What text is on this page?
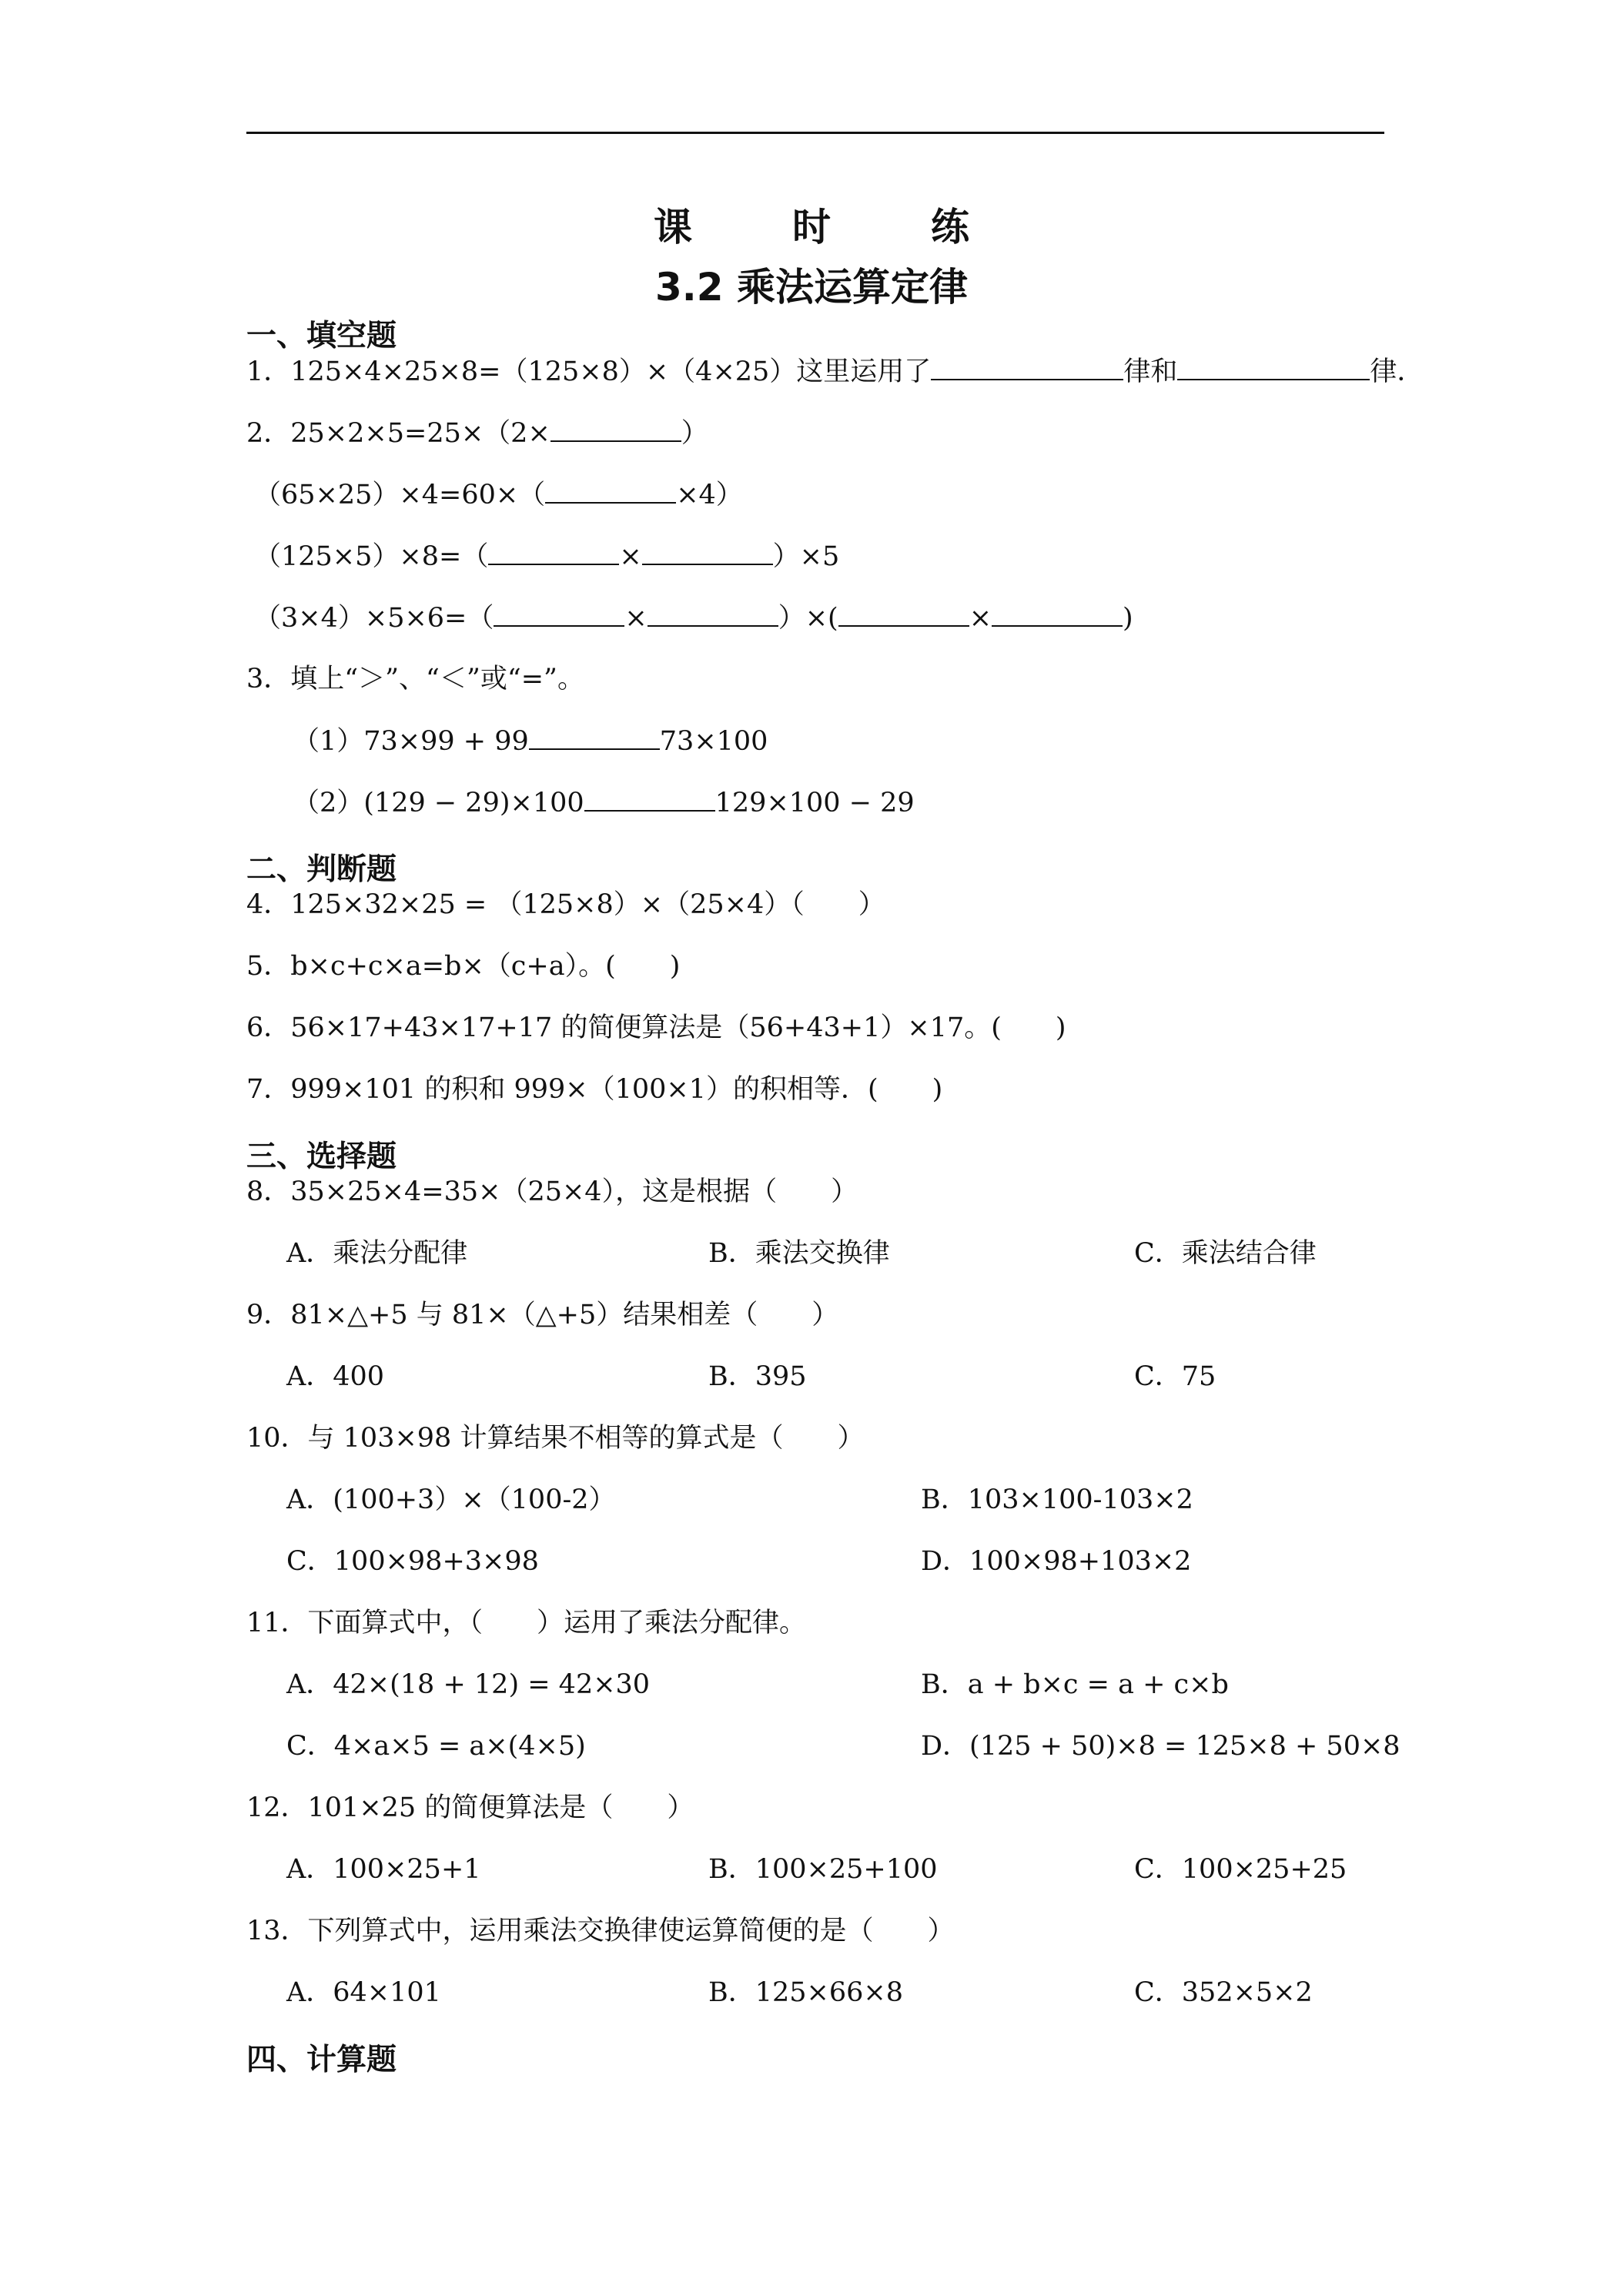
课　时　练
3.2 乘法运算定律
一、填空题
1．125×4×25×8=（125×8）×（4×25）这里运用了	律和	律．
2．25×2×5=25×（2×	）
（65×25）×4=60×（	×4）
（125×5）×8=（	×	）×5
（3×4）×5×6=（	×	）×(	×	)
3．填上“＞”、“＜”或“=”。
（1）73×99 + 99	73×100
（2）(129 − 29)×100	129×100 − 29
二、判断题
4．125×32×25 = （125×8）×（25×4）（　　）
5．b×c+c×a=b×（c+a）。(　　)
6．56×17+43×17+17 的简便算法是（56+43+1）×17。(　　)
7．999×101 的积和 999×（100×1）的积相等．(　　)
三、选择题
8．35×25×4=35×（25×4），这是根据（　　）
A．乘法分配律	B．乘法交换律	C．乘法结合律
9．81×△+5 与 81×（△+5）结果相差（　　）
A．400	B．395	C．75
10．与 103×98 计算结果不相等的算式是（　　）
A．(100+3）×（100-2）	B．103×100-103×2
C．100×98+3×98	D．100×98+103×2
11．下面算式中，（　　）运用了乘法分配律。
A．42×(18 + 12) = 42×30	B．a + b×c = a + c×b
C．4×a×5 = a×(4×5)	D．(125 + 50)×8 = 125×8 + 50×8
12．101×25 的简便算法是（　　）
A．100×25+1	B．100×25+100	C．100×25+25
13．下列算式中，运用乘法交换律使运算简便的是（　　）
A．64×101	B．125×66×8	C．352×5×2
四、计算题
